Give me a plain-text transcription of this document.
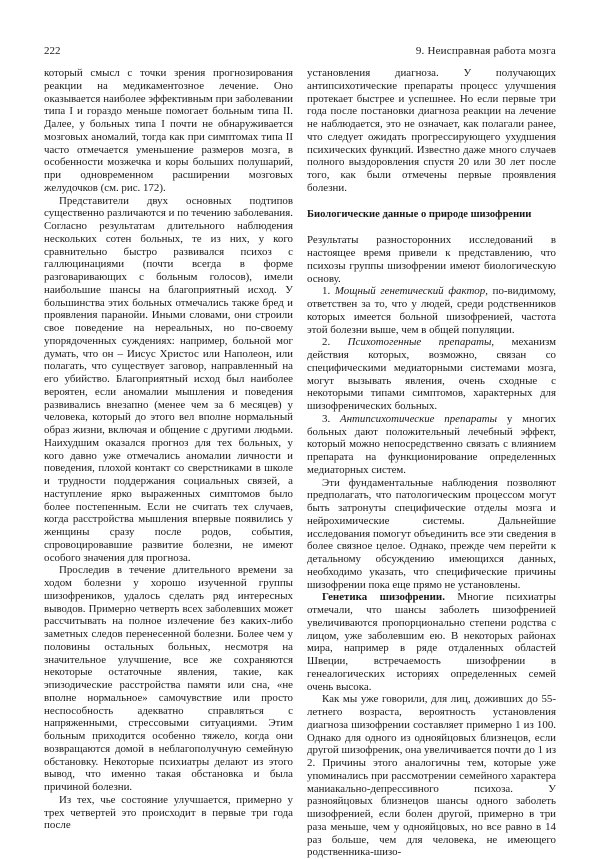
222	9. Неисправная работа мозга

который смысл с точки зрения прогнозирования реакции на медикаментозное лечение. Оно оказывается наиболее эффективным при заболевании типа I и гораздо меньше помогает больным типа II. Далее, у больных типа I почти не обнаруживается мозговых аномалий, тогда как при симптомах типа II часто отмечается уменьшение размеров мозга, в особенности мозжечка и коры больших полушарий, при одновременном расширении мозговых желудочков (см. рис. 172).

Представители двух основных подтипов существенно различаются и по течению заболевания. Согласно результатам длительного наблюдения нескольких сотен больных, те из них, у кого сравнительно быстро развивался психоз с галлюцинациями (почти всегда в форме разговаривающих с больным голосов), имели наибольшие шансы на благоприятный исход. У большинства этих больных отмечались также бред и проявления паранойи. Иными словами, они строили свое поведение на нереальных, но по-своему упорядоченных суждениях: например, больной мог думать, что он – Иисус Христос или Наполеон, или полагать, что существует заговор, направленный на его убийство. Благоприятный исход был наиболее вероятен, если аномалии мышления и поведения развивались внезапно (менее чем за 6 месяцев) у человека, который до этого вел вполне нормальный образ жизни, включая и общение с другими людьми. Наихудшим оказался прогноз для тех больных, у кого давно уже отмечались аномалии личности и поведения, плохой контакт со сверстниками в школе и трудности поддержания социальных связей, а наступление ярко выраженных симптомов было более постепенным. Если не считать тех случаев, когда расстройства мышления впервые появились у женщины сразу после родов, события, спровоцировавшие развитие болезни, не имеют особого значения для прогноза.

Проследив в течение длительного времени за ходом болезни у хорошо изученной группы шизофреников, удалось сделать ряд интересных выводов. Примерно четверть всех заболевших может рассчитывать на полное излечение без каких-либо заметных следов перенесенной болезни. Более чем у половины остальных больных, несмотря на значительное улучшение, все же сохраняются некоторые остаточные явления, такие, как эпизодические расстройства памяти или сна, «не вполне нормальное» самочувствие или просто неспособность адекватно справляться с напряженными, стрессовыми ситуациями. Этим больным приходится особенно тяжело, когда они возвращаются домой в неблагополучную семейную обстановку. Некоторые психиатры делают из этого вывод, что именно такая обстановка и была причиной болезни.

Из тех, чье состояние улучшается, примерно у трех четвертей это происходит в первые три года после

установления диагноза. У получающих антипсихотические препараты процесс улучшения протекает быстрее и успешнее. Но если первые три года после постановки диагноза реакции на лечение не наблюдается, это не означает, как полагали ранее, что следует ожидать прогрессирующего ухудшения психических функций. Известно даже много случаев полного выздоровления спустя 20 или 30 лет после того, как были отмечены первые проявления болезни.

Биологические данные о природе шизофрении

Результаты разносторонних исследований в настоящее время привели к представлению, что психозы группы шизофрении имеют биологическую основу.

1. Мощный генетический фактор, по-видимому, ответствен за то, что у людей, среди родственников которых имеется больной шизофренией, частота этой болезни выше, чем в общей популяции.

2. Психотогенные препараты, механизм действия которых, возможно, связан со специфическими медиаторными системами мозга, могут вызывать явления, очень сходные с некоторыми типами симптомов, характерных для шизофренических больных.

3. Антипсихотические препараты у многих больных дают положительный лечебный эффект, который можно непосредственно связать с влиянием препарата на функционирование определенных медиаторных систем.

Эти фундаментальные наблюдения позволяют предполагать, что патологическим процессом могут быть затронуты специфические отделы мозга и нейрохимические системы. Дальнейшие исследования помогут объединить все эти сведения в более связное целое. Однако, прежде чем перейти к детальному обсуждению имеющихся данных, необходимо указать, что специфические причины шизофрении пока еще прямо не установлены.

Генетика шизофрении. Многие психиатры отмечали, что шансы заболеть шизофренией увеличиваются пропорционально степени родства с лицом, уже заболевшим ею. В некоторых районах мира, например в ряде отдаленных областей Швеции, встречаемость шизофрении в генеалогических историях определенных семей очень высока.

Как мы уже говорили, для лиц, доживших до 55-летнего возраста, вероятность установления диагноза шизофрении составляет примерно 1 из 100. Однако для одного из однояйцовых близнецов, если другой шизофреник, она увеличивается почти до 1 из 2. Причины этого аналогичны тем, которые уже упоминались при рассмотрении семейного характера маниакально-депрессивного психоза. У разнояйцовых близнецов шансы одного заболеть шизофренией, если болен другой, примерно в три раза меньше, чем у однояйцовых, но все равно в 14 раз больше, чем для человека, не имеющего родственника-шизо-
